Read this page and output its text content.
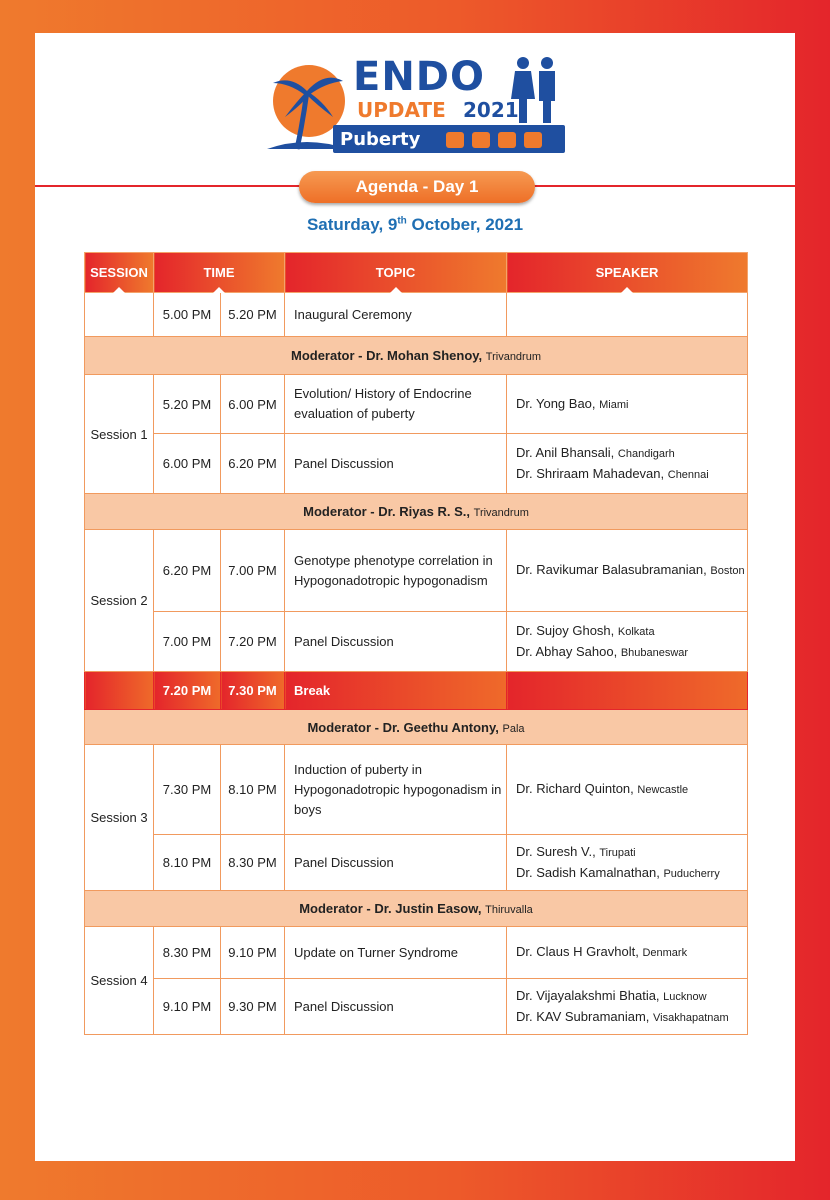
ENDO
UPDATE 2021
Puberty
Agenda - Day 1
Saturday, 9th October, 2021
SESSION	TIME		TOPIC	SPEAKER

	5.00 PM	5.20 PM	Inaugural Ceremony	
Moderator - Dr. Mohan Shenoy, Trivandrum				
Session 1	5.20 PM	6.00 PM	Evolution/ History of Endocrine evaluation of puberty	Dr. Yong Bao, Miami

	6.00 PM	6.20 PM	Panel Discussion	Dr. Anil Bhansali, Chandigarh
Dr. Shriraam Mahadevan, Chennai

Moderator - Dr. Riyas R. S., Trivandrum				
Session 2	6.20 PM	7.00 PM	Genotype phenotype correlation in Hypogonadotropic hypogonadism	Dr. Ravikumar Balasubramanian, Boston

	7.00 PM	7.20 PM	Panel Discussion	Dr. Sujoy Ghosh, Kolkata
Dr. Abhay Sahoo, Bhubaneswar

	7.20 PM	7.30 PM	Break	
Moderator - Dr. Geethu Antony, Pala				
Session 3	7.30 PM	8.10 PM	Induction of puberty in Hypogonadotropic hypogonadism in boys	Dr. Richard Quinton, Newcastle

	8.10 PM	8.30 PM	Panel Discussion	Dr. Suresh V., Tirupati
Dr. Sadish Kamalnathan, Puducherry

Moderator - Dr. Justin Easow, Thiruvalla				
Session 4	8.30 PM	9.10 PM	Update on Turner Syndrome	Dr. Claus H Gravholt, Denmark

	9.10 PM	9.30 PM	Panel Discussion	Dr. Vijayalakshmi Bhatia, Lucknow
Dr. KAV Subramaniam, Visakhapatnam
